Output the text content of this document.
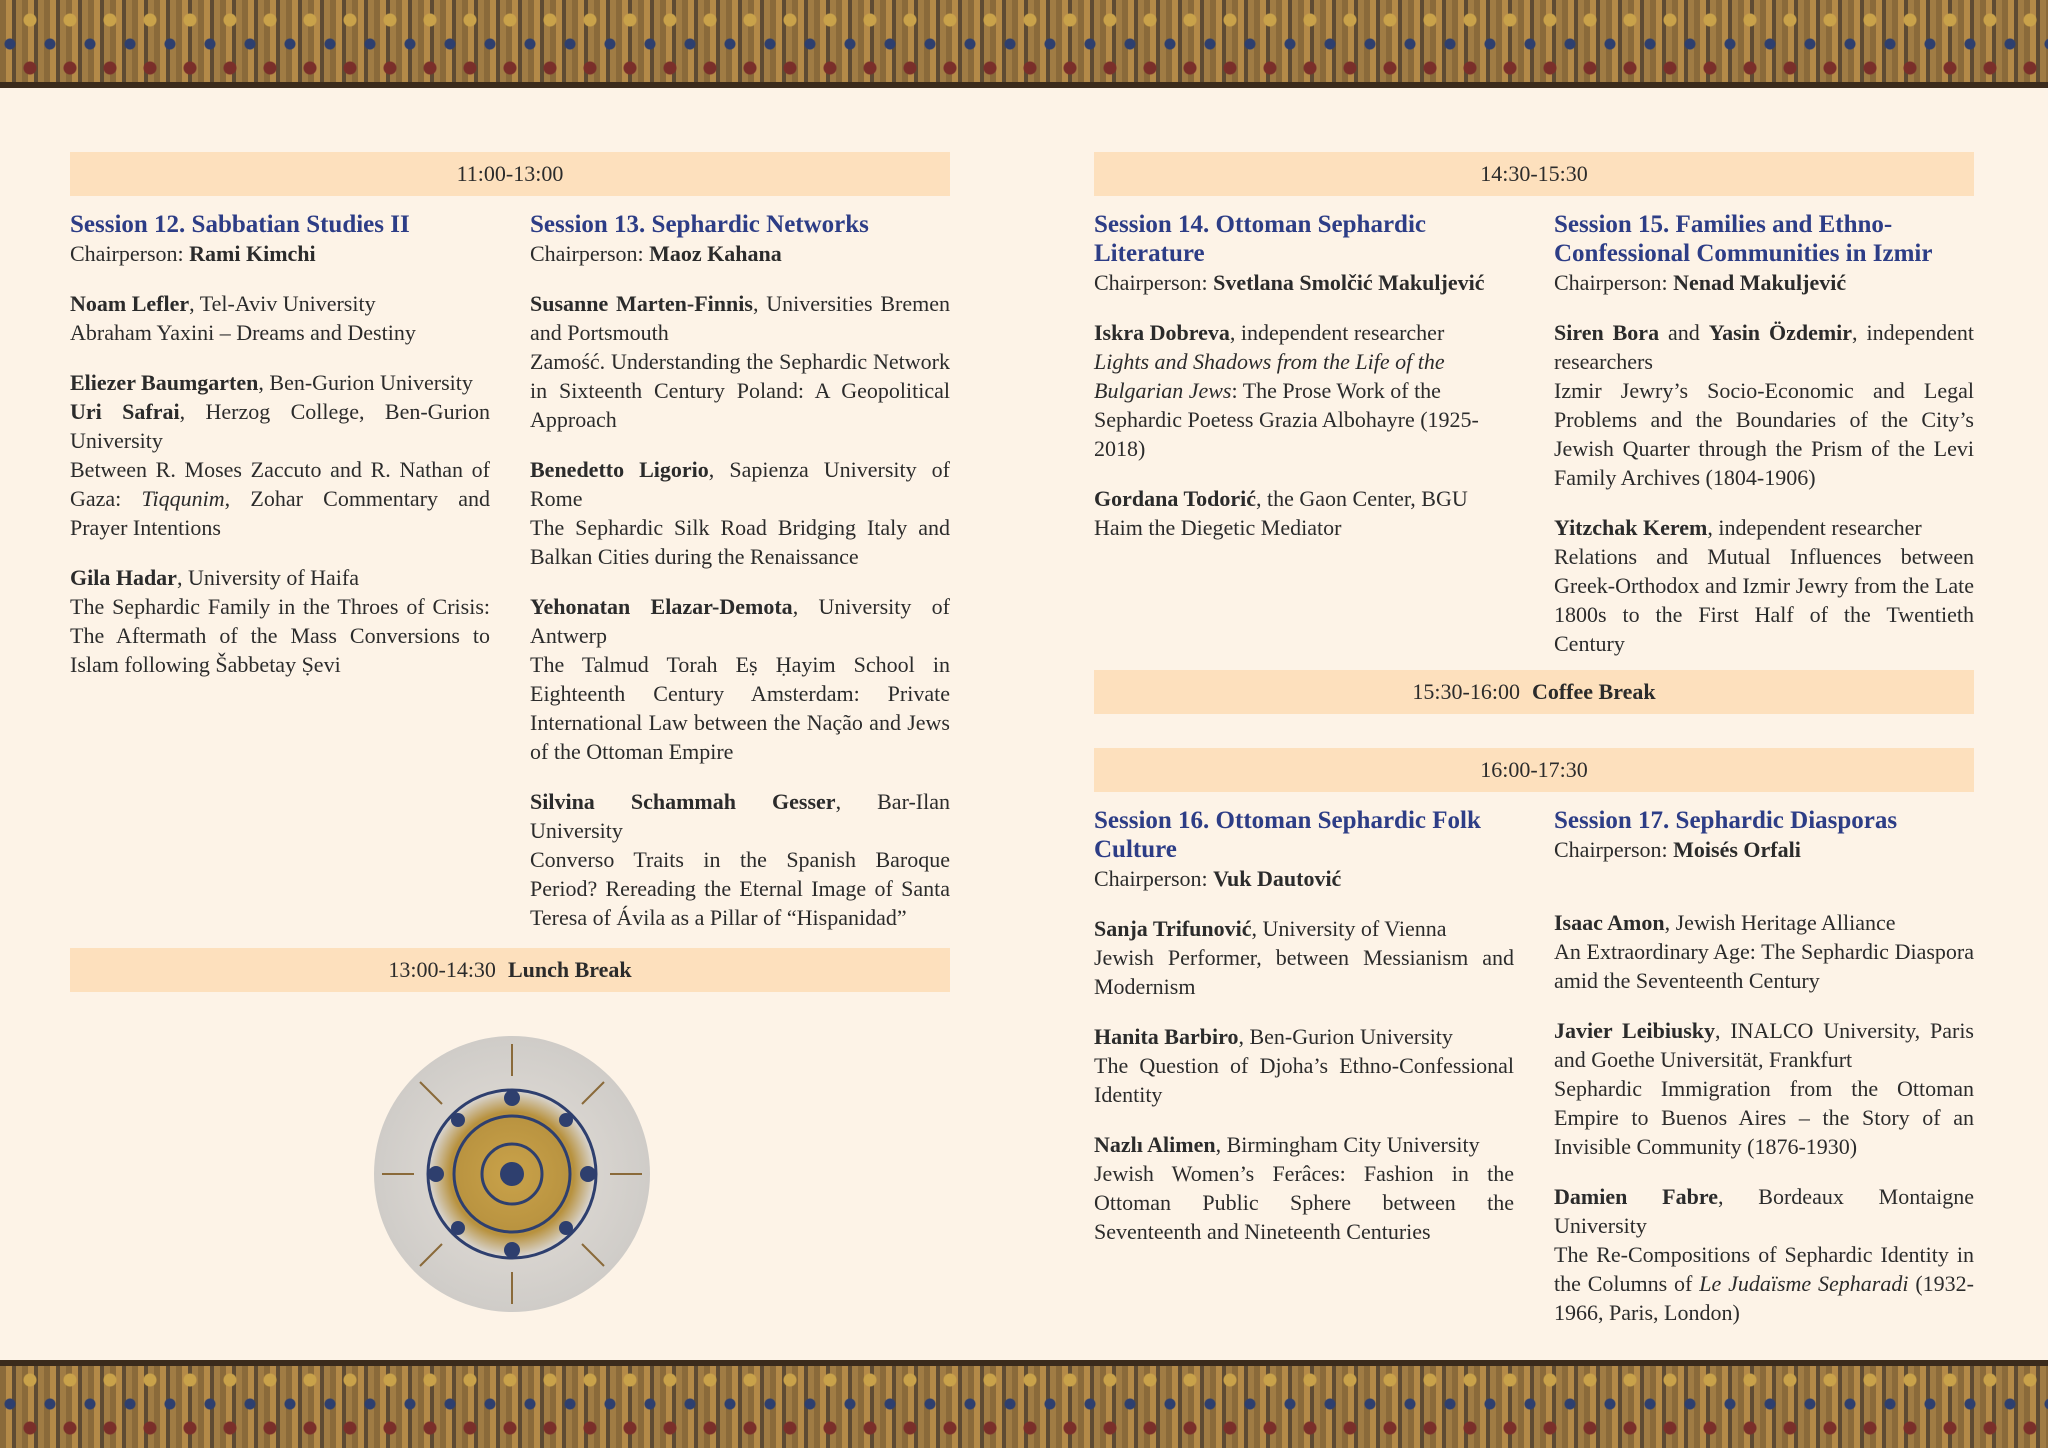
11:00-13:00
Session 12. Sabbatian Studies II
Chairperson: Rami Kimchi
Noam Lefler, Tel-Aviv University
Abraham Yaxini – Dreams and Destiny
Eliezer Baumgarten, Ben-Gurion University
Uri Safrai, Herzog College, Ben-Gurion University
Between R. Moses Zaccuto and R. Nathan of Gaza: Tiqqunim, Zohar Commentary and Prayer Intentions
Gila Hadar, University of Haifa
The Sephardic Family in the Throes of Crisis: The Aftermath of the Mass Conversions to Islam following Šabbetay Ṣevi
Session 13. Sephardic Networks
Chairperson: Maoz Kahana
Susanne Marten-Finnis, Universities Bremen and Portsmouth
Zamość. Understanding the Sephardic Network in Sixteenth Century Poland: A Geopolitical Approach
Benedetto Ligorio, Sapienza University of Rome
The Sephardic Silk Road Bridging Italy and Balkan Cities during the Renaissance
Yehonatan Elazar-Demota, University of Antwerp
The Talmud Torah Eṣ Ḥayim School in Eighteenth Century Amsterdam: Private International Law between the Nação and Jews of the Ottoman Empire
Silvina Schammah Gesser, Bar-Ilan University
Converso Traits in the Spanish Baroque Period? Rereading the Eternal Image of Santa Teresa of Ávila as a Pillar of “Hispanidad”
13:00-14:30 Lunch Break
14:30-15:30
Session 14. Ottoman Sephardic Literature
Chairperson: Svetlana Smolčić Makuljević
Iskra Dobreva, independent researcher
Lights and Shadows from the Life of the Bulgarian Jews: The Prose Work of the Sephardic Poetess Grazia Albohayre (1925-2018)
Gordana Todorić, the Gaon Center, BGU
Haim the Diegetic Mediator
Session 15. Families and Ethno-Confessional Communities in Izmir
Chairperson: Nenad Makuljević
Siren Bora and Yasin Özdemir, independent researchers
Izmir Jewry’s Socio-Economic and Legal Problems and the Boundaries of the City’s Jewish Quarter through the Prism of the Levi Family Archives (1804-1906)
Yitzchak Kerem, independent researcher
Relations and Mutual Influences between Greek-Orthodox and Izmir Jewry from the Late 1800s to the First Half of the Twentieth Century
15:30-16:00 Coffee Break
16:00-17:30
Session 16. Ottoman Sephardic Folk Culture
Chairperson: Vuk Dautović
Sanja Trifunović, University of Vienna
Jewish Performer, between Messianism and Modernism
Hanita Barbiro, Ben-Gurion University
The Question of Djoha’s Ethno-Confessional Identity
Nazlı Alimen, Birmingham City University
Jewish Women’s Ferâces: Fashion in the Ottoman Public Sphere between the Seventeenth and Nineteenth Centuries
Session 17. Sephardic Diasporas
Chairperson: Moisés Orfali
Isaac Amon, Jewish Heritage Alliance
An Extraordinary Age: The Sephardic Diaspora amid the Seventeenth Century
Javier Leibiusky, INALCO University, Paris and Goethe Universität, Frankfurt
Sephardic Immigration from the Ottoman Empire to Buenos Aires – the Story of an Invisible Community (1876-1930)
Damien Fabre, Bordeaux Montaigne University
The Re-Compositions of Sephardic Identity in the Columns of Le Judaïsme Sepharadi (1932-1966, Paris, London)
